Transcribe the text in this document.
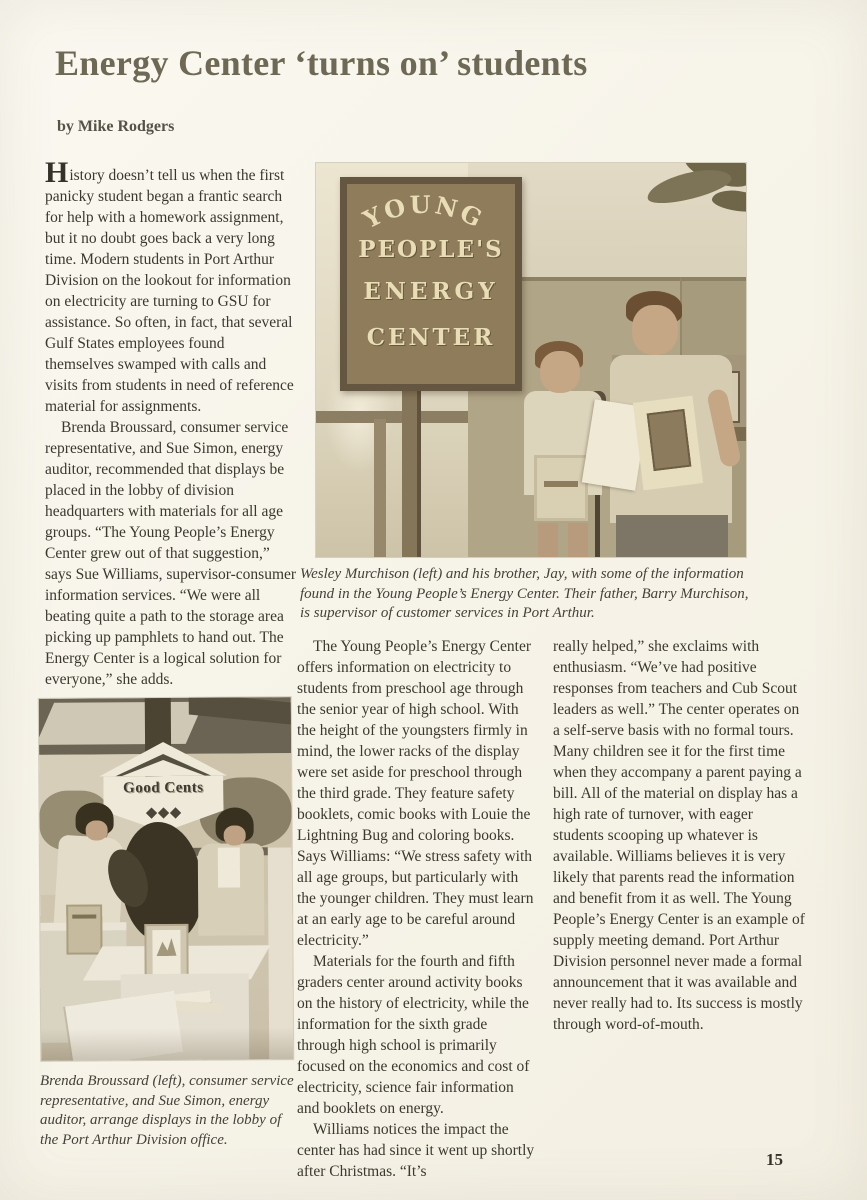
Energy Center ‘turns on’ students
by Mike Rodgers

History doesn’t tell us when the first panicky student began a frantic search for help with a homework assignment, but it no doubt goes back a very long time. Modern students in Port Arthur Division on the lookout for information on electricity are turning to GSU for assistance. So often, in fact, that several Gulf States employees found themselves swamped with calls and visits from students in need of reference material for assignments.

Brenda Broussard, consumer service representative, and Sue Simon, energy auditor, recommended that displays be placed in the lobby of division headquarters with materials for all age groups. “The Young People’s Energy Center grew out of that suggestion,” says Sue Williams, supervisor-consumer information services. “We were all beating quite a path to the storage area picking up pamphlets to hand out. The Energy Center is a logical solution for everyone,” she adds.

YOUNG
PEOPLE'S
ENERGY
CENTER
Wesley Murchison (left) and his brother, Jay, with some of the information found in the Young People’s Energy Center. Their father, Barry Murchison, is supervisor of customer services in Port Arthur.

The Young People’s Energy Center offers information on electricity to students from preschool age through the senior year of high school. With the height of the youngsters firmly in mind, the lower racks of the display were set aside for preschool through the third grade. They feature safety booklets, comic books with Louie the Lightning Bug and coloring books. Says Williams: “We stress safety with all age groups, but particularly with the younger children. They must learn at an early age to be careful around electricity.”

Materials for the fourth and fifth graders center around activity books on the history of electricity, while the information for the sixth grade through high school is primarily focused on the economics and cost of electricity, science fair information and booklets on energy.

Williams notices the impact the center has had since it went up shortly after Christmas. “It’s

really helped,” she exclaims with enthusiasm. “We’ve had positive responses from teachers and Cub Scout leaders as well.” The center operates on a self-serve basis with no formal tours. Many children see it for the first time when they accompany a parent paying a bill. All of the material on display has a high rate of turnover, with eager students scooping up whatever is available. Williams believes it is very likely that parents read the information and benefit from it as well. The Young People’s Energy Center is an example of supply meeting demand. Port Arthur Division personnel never made a formal announcement that it was available and never really had to. Its success is mostly through word-of-mouth.

Good Cents
Brenda Broussard (left), consumer service representative, and Sue Simon, energy auditor, arrange displays in the lobby of the Port Arthur Division office.
15
